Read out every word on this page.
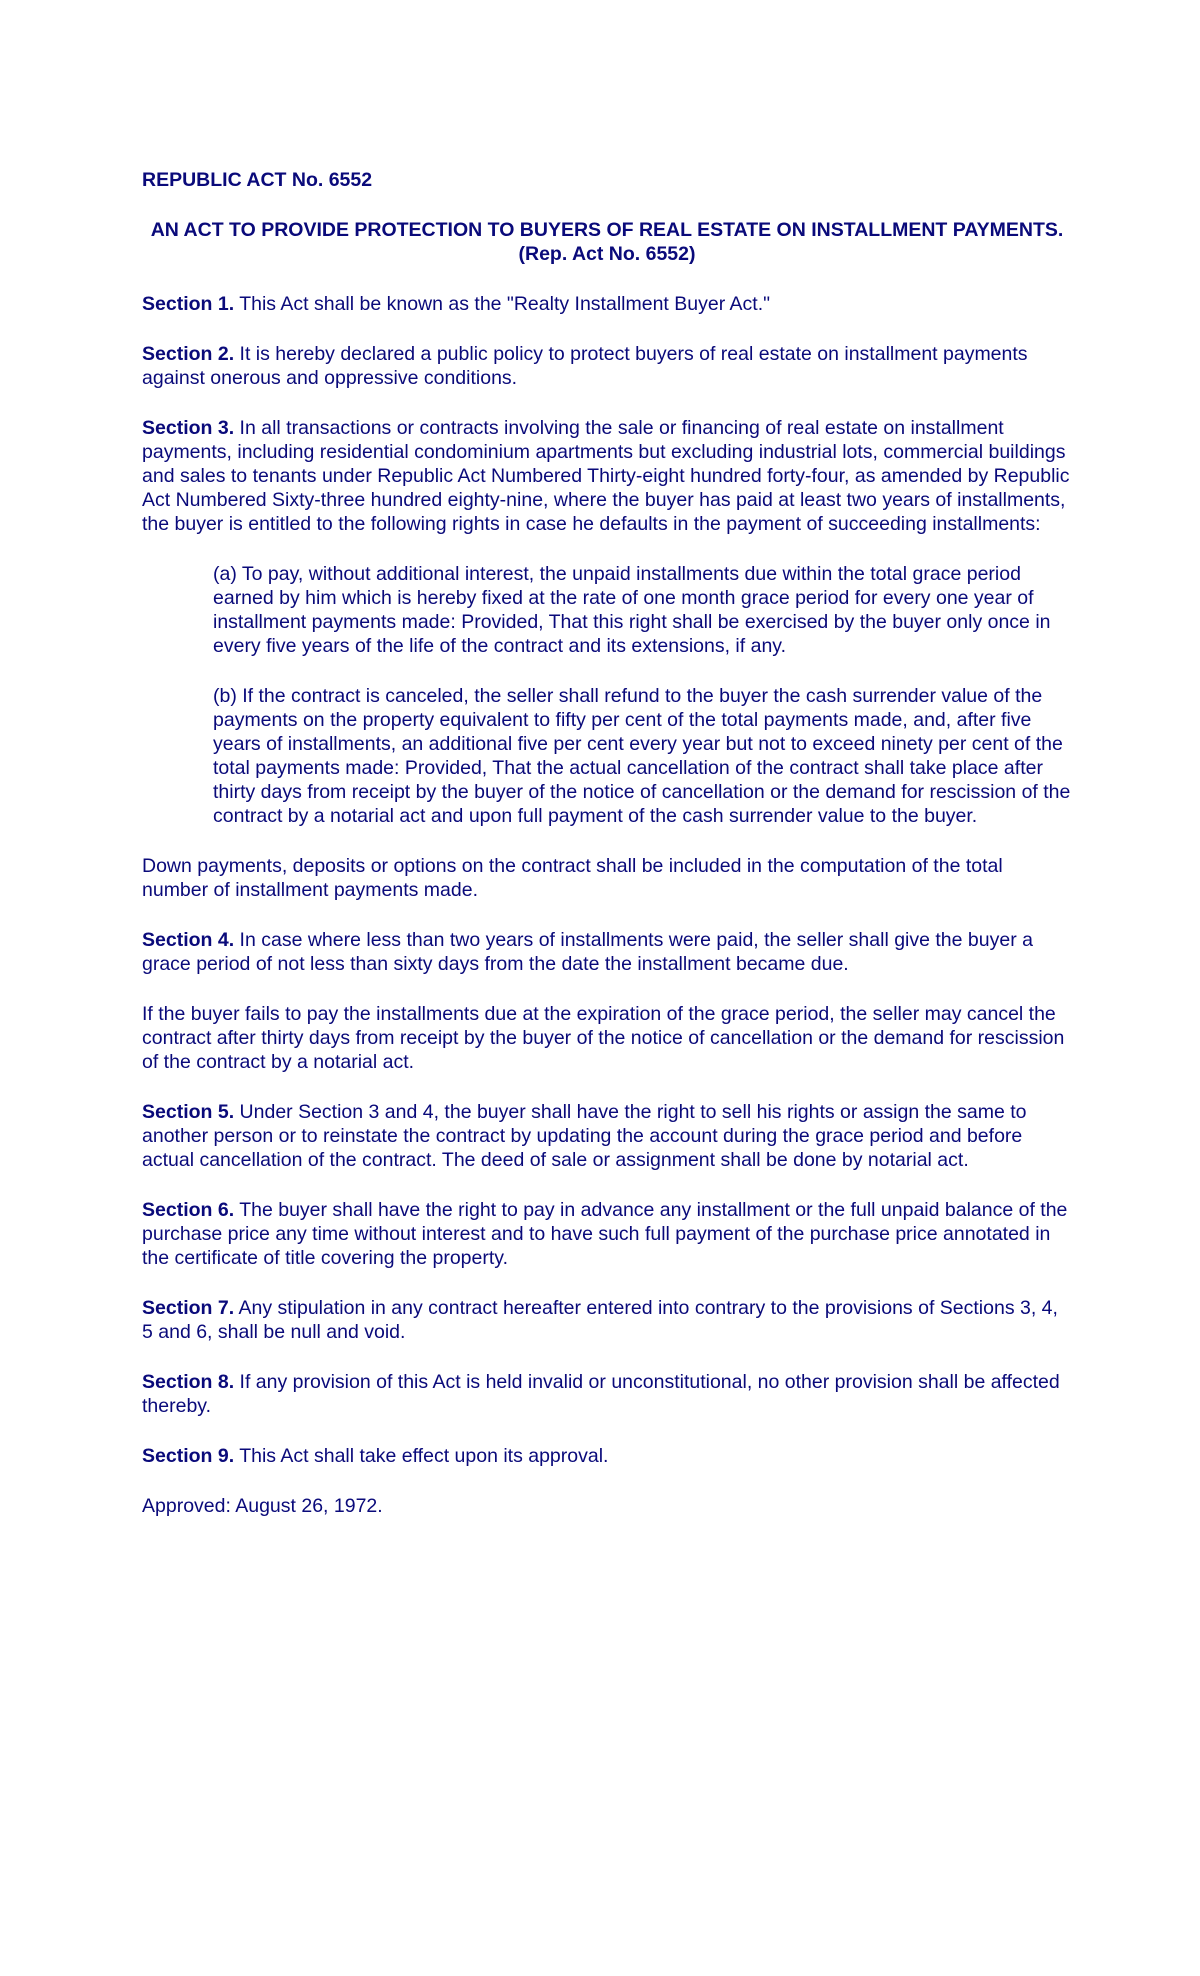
REPUBLIC ACT No. 6552
AN ACT TO PROVIDE PROTECTION TO BUYERS OF REAL ESTATE ON INSTALLMENT PAYMENTS. (Rep. Act No. 6552)

Section 1. This Act shall be known as the "Realty Installment Buyer Act."

Section 2. It is hereby declared a public policy to protect buyers of real estate on installment payments against onerous and oppressive conditions.

Section 3. In all transactions or contracts involving the sale or financing of real estate on installment payments, including residential condominium apartments but excluding industrial lots, commercial buildings and sales to tenants under Republic Act Numbered Thirty-eight hundred forty-four, as amended by Republic Act Numbered Sixty-three hundred eighty-nine, where the buyer has paid at least two years of installments, the buyer is entitled to the following rights in case he defaults in the payment of succeeding installments:

(a) To pay, without additional interest, the unpaid installments due within the total grace period earned by him which is hereby fixed at the rate of one month grace period for every one year of installment payments made: Provided, That this right shall be exercised by the buyer only once in every five years of the life of the contract and its extensions, if any.

(b) If the contract is canceled, the seller shall refund to the buyer the cash surrender value of the payments on the property equivalent to fifty per cent of the total payments made, and, after five years of installments, an additional five per cent every year but not to exceed ninety per cent of the total payments made: Provided, That the actual cancellation of the contract shall take place after thirty days from receipt by the buyer of the notice of cancellation or the demand for rescission of the contract by a notarial act and upon full payment of the cash surrender value to the buyer.

Down payments, deposits or options on the contract shall be included in the computation of the total number of installment payments made.

Section 4. In case where less than two years of installments were paid, the seller shall give the buyer a grace period of not less than sixty days from the date the installment became due.

If the buyer fails to pay the installments due at the expiration of the grace period, the seller may cancel the contract after thirty days from receipt by the buyer of the notice of cancellation or the demand for rescission of the contract by a notarial act.

Section 5. Under Section 3 and 4, the buyer shall have the right to sell his rights or assign the same to another person or to reinstate the contract by updating the account during the grace period and before actual cancellation of the contract. The deed of sale or assignment shall be done by notarial act.

Section 6. The buyer shall have the right to pay in advance any installment or the full unpaid balance of the purchase price any time without interest and to have such full payment of the purchase price annotated in the certificate of title covering the property.

Section 7. Any stipulation in any contract hereafter entered into contrary to the provisions of Sections 3, 4, 5 and 6, shall be null and void.

Section 8. If any provision of this Act is held invalid or unconstitutional, no other provision shall be affected thereby.

Section 9. This Act shall take effect upon its approval.

Approved: August 26, 1972.
